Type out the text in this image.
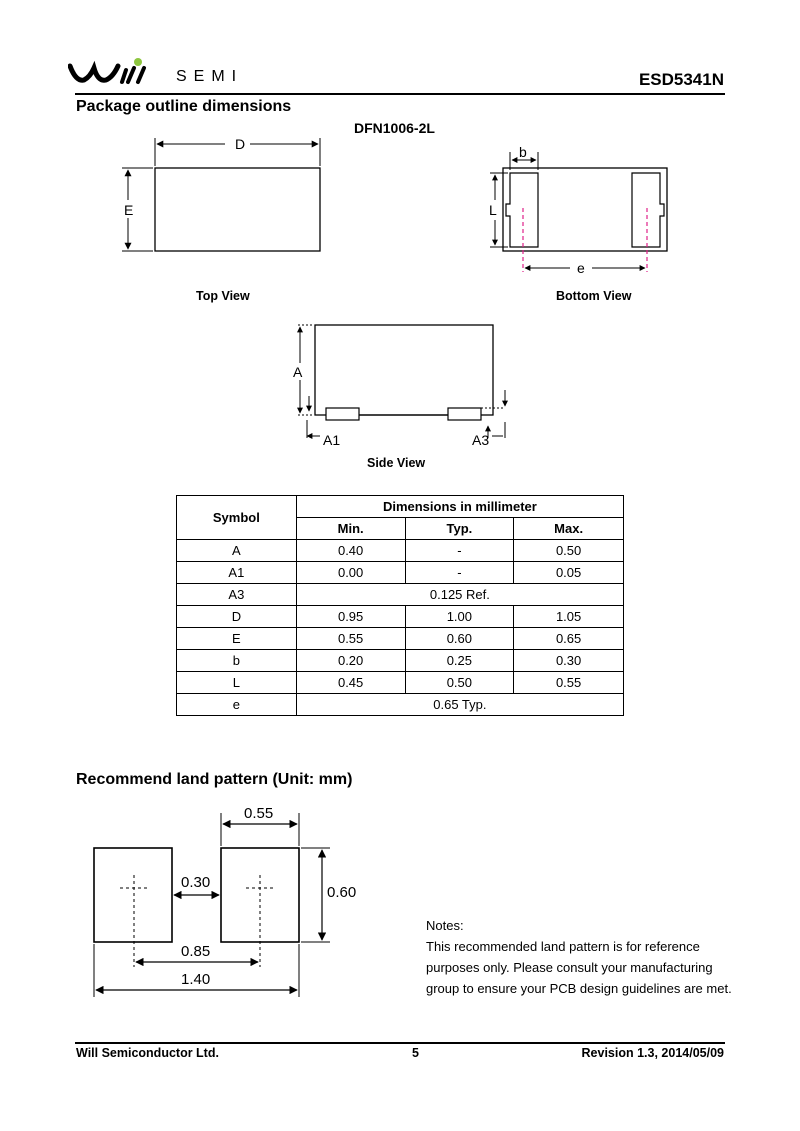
SEMI	ESD5341N
Package outline dimensions
DFN1006-2L
D
E
Top View
b
L
e
Bottom View
A
A1	A3
Side View
Symbol	Dimensions in millimeter		
	Min.	Typ.	Max.
A	0.40	-	0.50
A1	0.00	-	0.05
A3	0.125 Ref.		
D	0.95	1.00	1.05
E	0.55	0.60	0.65
b	0.20	0.25	0.30
L	0.45	0.50	0.55
e	0.65 Typ.		
Recommend land pattern (Unit: mm)
0.55
0.30
0.60
0.85
1.40
Notes:
This recommended land pattern is for reference
purposes only. Please consult your manufacturing
group to ensure your PCB design guidelines are met.
Will Semiconductor Ltd.	5	Revision 1.3, 2014/05/09
